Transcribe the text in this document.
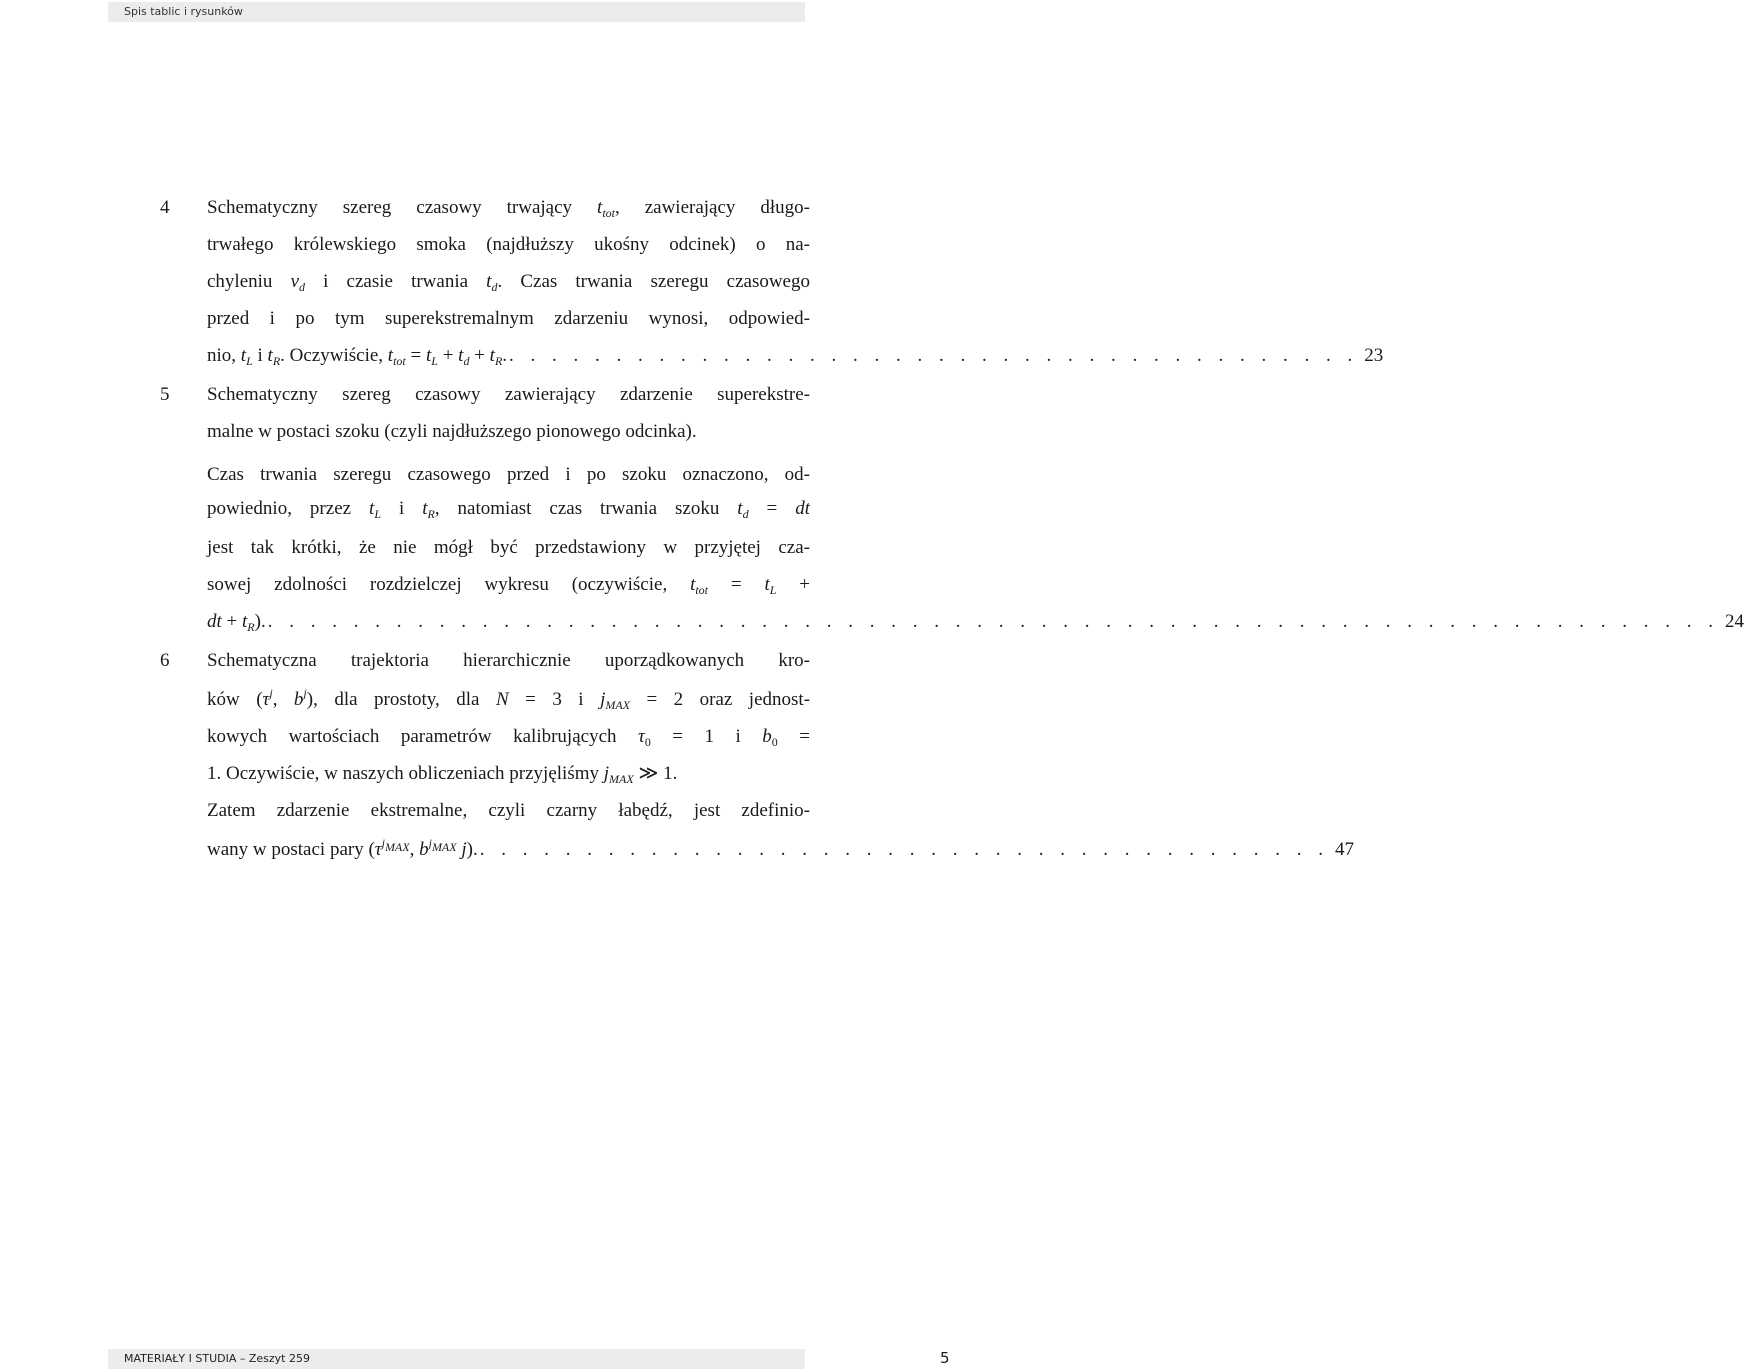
Spis tablic i rysunków
4 Schematyczny szereg czasowy trwający $t_{tot}$, zawierający długo-
trwałego królewskiego smoka (najdłuższy ukośny odcinek) o na-
chyleniu $v_d$ i czasie trwania $t_d$. Czas trwania szeregu czasowego
przed i po tym superekstremalnym zdarzeniu wynosi, odpowied-
nio, $t_L$ i $t_R$. Oczywiście, $t_{tot} = t_L + t_d + t_R$. . . . . . . . . . . . . . . . . . . . . . . . . . . . . . . . . . . . . . . . . 23
5 Schematyczny szereg czasowy zawierający zdarzenie superekstre-
malne w postaci szoku (czyli najdłuższego pionowego odcinka).
Czas trwania szeregu czasowego przed i po szoku oznaczono, od-
powiednio, przez $t_L$ i $t_R$, natomiast czas trwania szoku $t_d$ = dt
jest tak krótki, że nie mógł być przedstawiony w przyjętej cza-
sowej zdolności rozdzielczej wykresu (oczywiście, $t_{tot} = t_L$ +
dt + $t_R$). . . . . . . . . . . . . . . . . . . . . . . . . . . . . . . . . . . . . . . . . . . . . . . . . . . . . . . . . . . . . . . . . . . . . 24
6 Schematyczna trajektoria hierarchicznie uporządkowanych kro-
ków ($\tau^j$, $b^j$), dla prostoty, dla N = 3 i $j_{MAX} = 2$ oraz jednost-
kowych wartościach parametrów kalibrujących $\tau_0 = 1$ i $b_0$ =
1. Oczywiście, w naszych obliczeniach przyjęliśmy $j_{MAX}$ ≫ 1.
Zatem zdarzenie ekstremalne, czyli czarny łabędź, jest zdefinio-
wany w postaci pary ($\tau^{j_{MAX}}$, $b^{j_{MAX}}$ j). . . . . . . . . . . . . . . . . . . . . . . . . . . . . . . . . . . . . . . . . 47
MATERIAŁY I STUDIA – Zeszyt 259	5
